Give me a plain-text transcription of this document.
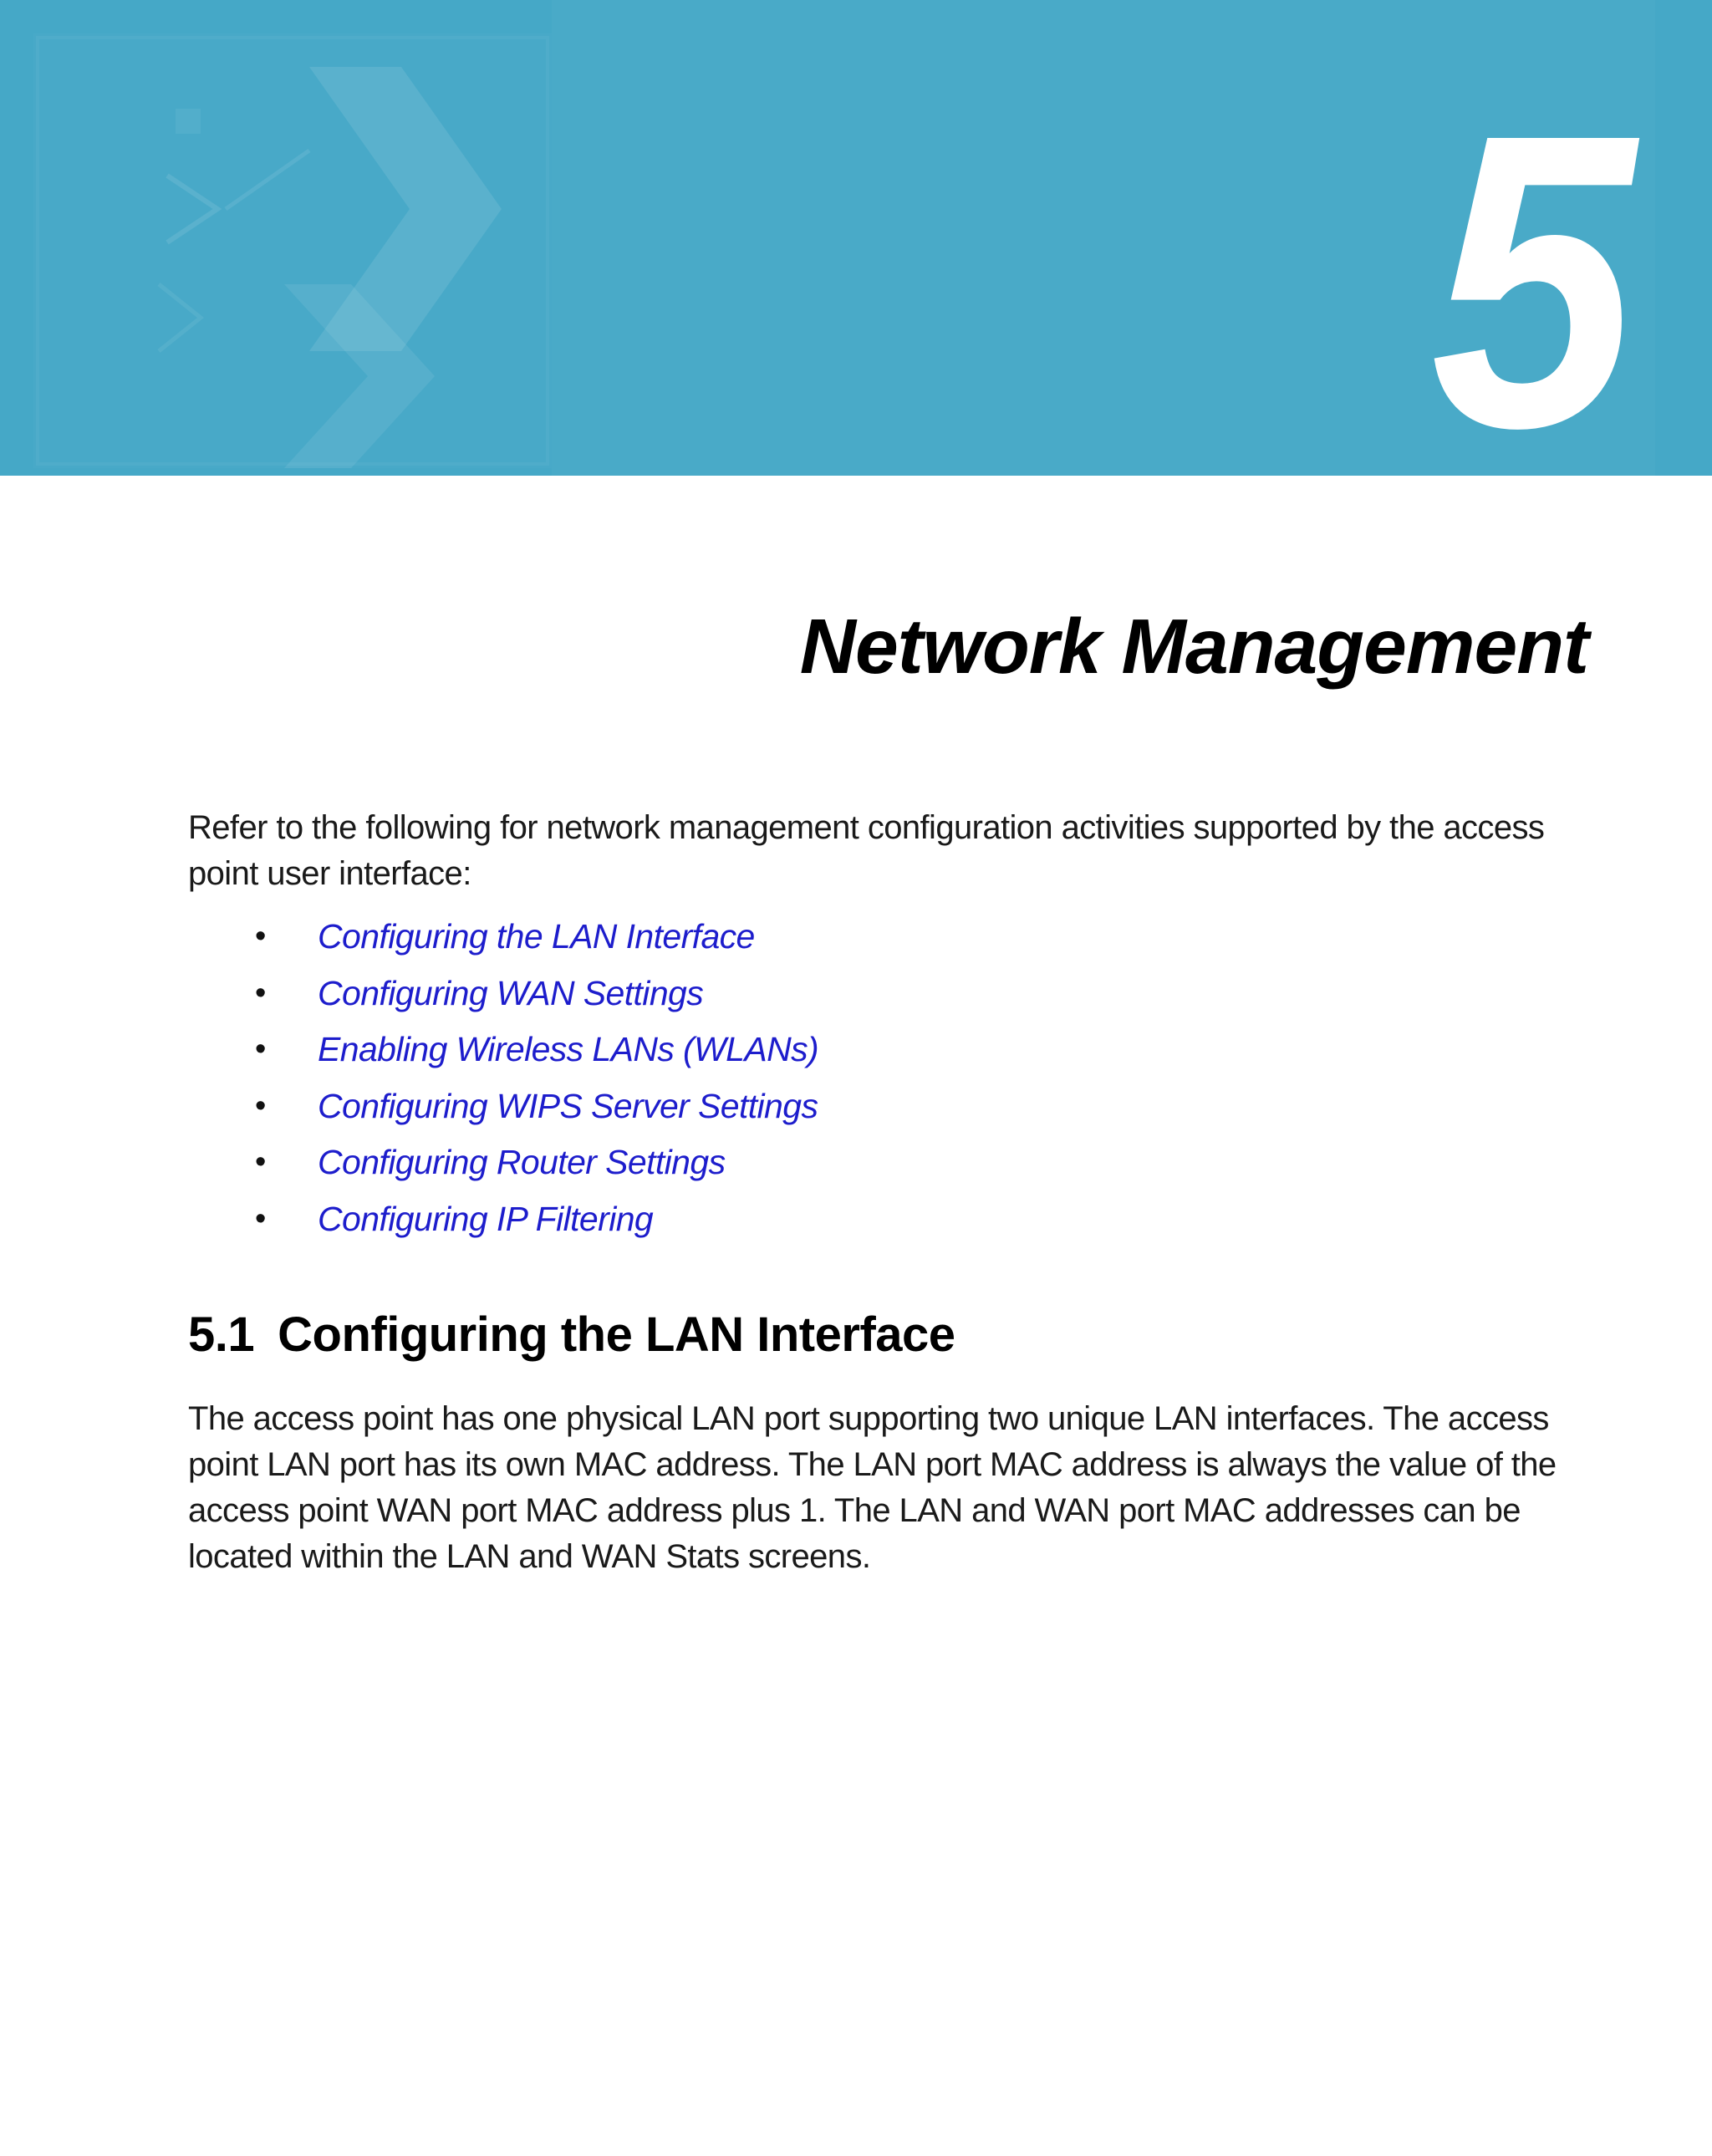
5
Network Management

Refer to the following for network management configuration activities supported by the access point user interface:

• Configuring the LAN Interface
• Configuring WAN Settings
• Enabling Wireless LANs (WLANs)
• Configuring WIPS Server Settings
• Configuring Router Settings
• Configuring IP Filtering
5.1 Configuring the LAN Interface

The access point has one physical LAN port supporting two unique LAN interfaces. The access point LAN port has its own MAC address. The LAN port MAC address is always the value of the access point WAN port MAC address plus 1. The LAN and WAN port MAC addresses can be located within the LAN and WAN Stats screens.
